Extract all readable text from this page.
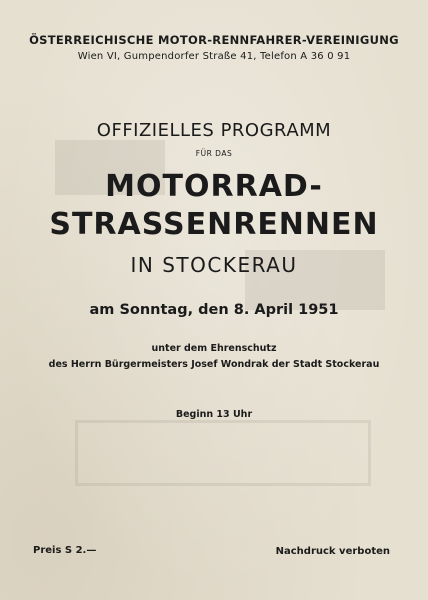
ÖSTERREICHISCHE MOTOR-RENNFAHRER-VEREINIGUNG
Wien VI, Gumpendorfer Straße 41, Telefon A 36 0 91
OFFIZIELLES PROGRAMM
FÜR DAS
MOTORRAD-
STRASSENRENNEN
IN STOCKERAU
am Sonntag, den 8. April 1951
unter dem Ehrenschutz
des Herrn Bürgermeisters Josef Wondrak der Stadt Stockerau
Beginn 13 Uhr
Preis S 2.—	Nachdruck verboten
